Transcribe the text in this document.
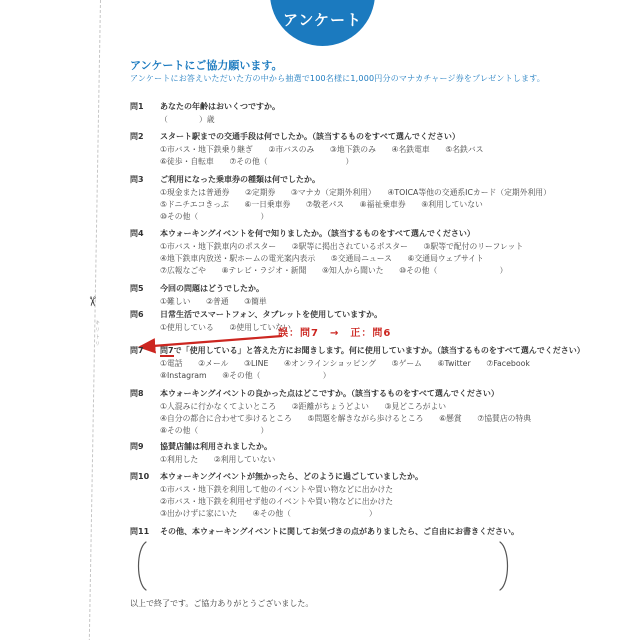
✂
キリトリ
アンケート
アンケートにご協力願います。
アンケートにお答えいただいた方の中から抽選で100名様に1,000円分のマナカチャージ券をプレゼントします。
問1	あなたの年齢はおいくつですか。
（　　　　）歳
問2	スタート駅までの交通手段は何でしたか。（該当するものをすべて選んでください）
①市バス・地下鉄乗り継ぎ　　②市バスのみ　　③地下鉄のみ　　④名鉄電車　　⑤名鉄バス
⑥徒歩・自転車　　⑦その他（　　　　　　　　　　）
問3	ご利用になった乗車券の種類は何でしたか。
①現金または普通券　　②定期券　　③マナカ（定期外利用）　　④TOICA等他の交通系ICカード（定期外利用）
⑤ドニチエコきっぷ　　⑥一日乗車券　　⑦敬老パス　　⑧福祉乗車券　　⑨利用していない
⑩その他（　　　　　　　　）
問4	本ウォーキングイベントを何で知りましたか。（該当するものをすべて選んでください）
①市バス・地下鉄車内のポスター　　②駅等に掲出されているポスター　　③駅等で配付のリーフレット
④地下鉄車内放送・駅ホームの電光案内表示　　⑤交通局ニュース　　⑥交通局ウェブサイト
⑦広報なごや　　⑧テレビ・ラジオ・新聞　　⑨知人から聞いた　　⑩その他（　　　　　　　　）
問5	今回の問題はどうでしたか。
①難しい　　②普通　　③簡単
問6	日常生活でスマートフォン、タブレットを使用していますか。
①使用している　　②使用していない
誤：問7　→　正：問6
問7	問7で「使用している」と答えた方にお聞きします。何に使用していますか。（該当するものをすべて選んでください）
①電話　　②メール　　③LINE　　④オンラインショッピング　　⑤ゲーム　　⑥Twitter　　⑦Facebook
⑧Instagram　　⑨その他（　　　　　　　　）
問8	本ウォーキングイベントの良かった点はどこですか。（該当するものをすべて選んでください）
①人混みに行かなくてよいところ　　②距離がちょうどよい　　③見どころがよい
④自分の都合に合わせて歩けるところ　　⑤問題を解きながら歩けるところ　　⑥懸賞　　⑦協賛店の特典
⑧その他（　　　　　　　　）
問9	協賛店舗は利用されましたか。
①利用した　　②利用していない
問10	本ウォーキングイベントが無かったら、どのように過ごしていましたか。
①市バス・地下鉄を利用して他のイベントや買い物などに出かけた
②市バス・地下鉄を利用せず他のイベントや買い物などに出かけた
③出かけずに家にいた　　④その他（　　　　　　　　　　）
問11	その他、本ウォーキングイベントに関してお気づきの点がありましたら、ご自由にお書きください。
以上で終了です。ご協力ありがとうございました。
